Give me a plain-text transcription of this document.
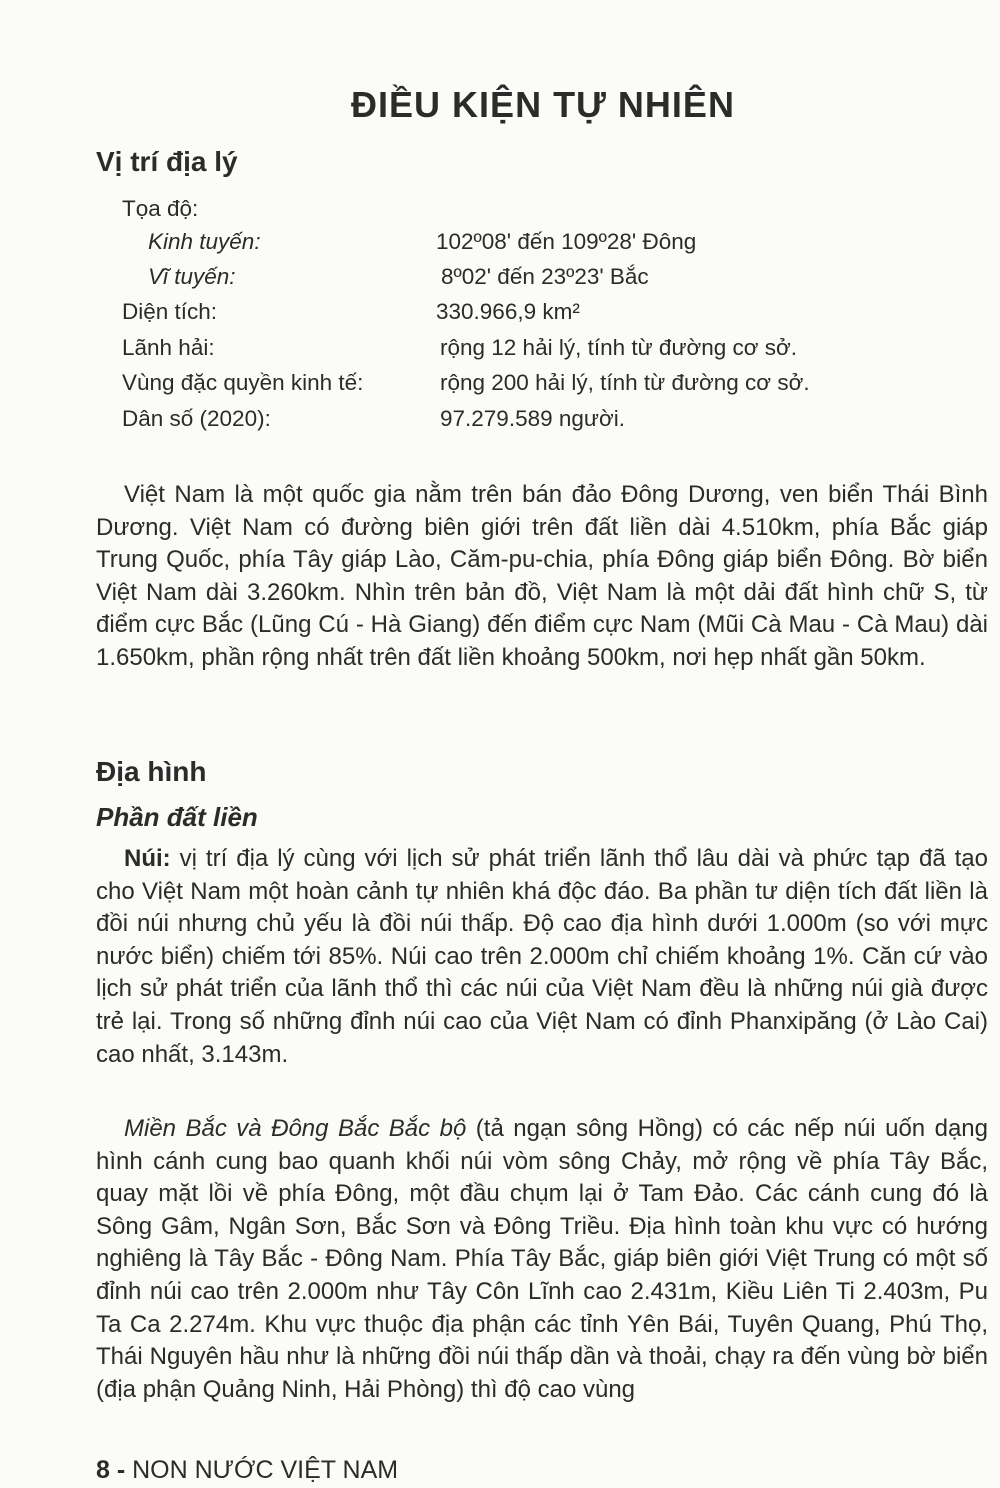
ĐIỀU KIỆN TỰ NHIÊN
Vị trí địa lý
Tọa độ:
Kinh tuyến:	102º08' đến 109º28' Đông
Vĩ tuyến:	8º02' đến 23º23' Bắc
Diện tích:	330.966,9 km²
Lãnh hải:	rộng 12 hải lý, tính từ đường cơ sở.
Vùng đặc quyền kinh tế:	rộng 200 hải lý, tính từ đường cơ sở.
Dân số (2020):	97.279.589 người.

Việt Nam là một quốc gia nằm trên bán đảo Đông Dương, ven biển Thái Bình Dương. Việt Nam có đường biên giới trên đất liền dài 4.510km, phía Bắc giáp Trung Quốc, phía Tây giáp Lào, Căm-pu-chia, phía Đông giáp biển Đông. Bờ biển Việt Nam dài 3.260km. Nhìn trên bản đồ, Việt Nam là một dải đất hình chữ S, từ điểm cực Bắc (Lũng Cú - Hà Giang) đến điểm cực Nam (Mũi Cà Mau - Cà Mau) dài 1.650km, phần rộng nhất trên đất liền khoảng 500km, nơi hẹp nhất gần 50km.

Địa hình
Phần đất liền

Núi: vị trí địa lý cùng với lịch sử phát triển lãnh thổ lâu dài và phức tạp đã tạo cho Việt Nam một hoàn cảnh tự nhiên khá độc đáo. Ba phần tư diện tích đất liền là đồi núi nhưng chủ yếu là đồi núi thấp. Độ cao địa hình dưới 1.000m (so với mực nước biển) chiếm tới 85%. Núi cao trên 2.000m chỉ chiếm khoảng 1%. Căn cứ vào lịch sử phát triển của lãnh thổ thì các núi của Việt Nam đều là những núi già được trẻ lại. Trong số những đỉnh núi cao của Việt Nam có đỉnh Phanxipăng (ở Lào Cai) cao nhất, 3.143m.

Miền Bắc và Đông Bắc Bắc bộ (tả ngạn sông Hồng) có các nếp núi uốn dạng hình cánh cung bao quanh khối núi vòm sông Chảy, mở rộng về phía Tây Bắc, quay mặt lồi về phía Đông, một đầu chụm lại ở Tam Đảo. Các cánh cung đó là Sông Gâm, Ngân Sơn, Bắc Sơn và Đông Triều. Địa hình toàn khu vực có hướng nghiêng là Tây Bắc - Đông Nam. Phía Tây Bắc, giáp biên giới Việt Trung có một số đỉnh núi cao trên 2.000m như Tây Côn Lĩnh cao 2.431m, Kiều Liên Ti 2.403m, Pu Ta Ca 2.274m. Khu vực thuộc địa phận các tỉnh Yên Bái, Tuyên Quang, Phú Thọ, Thái Nguyên hầu như là những đồi núi thấp dần và thoải, chạy ra đến vùng bờ biển (địa phận Quảng Ninh, Hải Phòng) thì độ cao vùng

8 - NON NƯỚC VIỆT NAM
